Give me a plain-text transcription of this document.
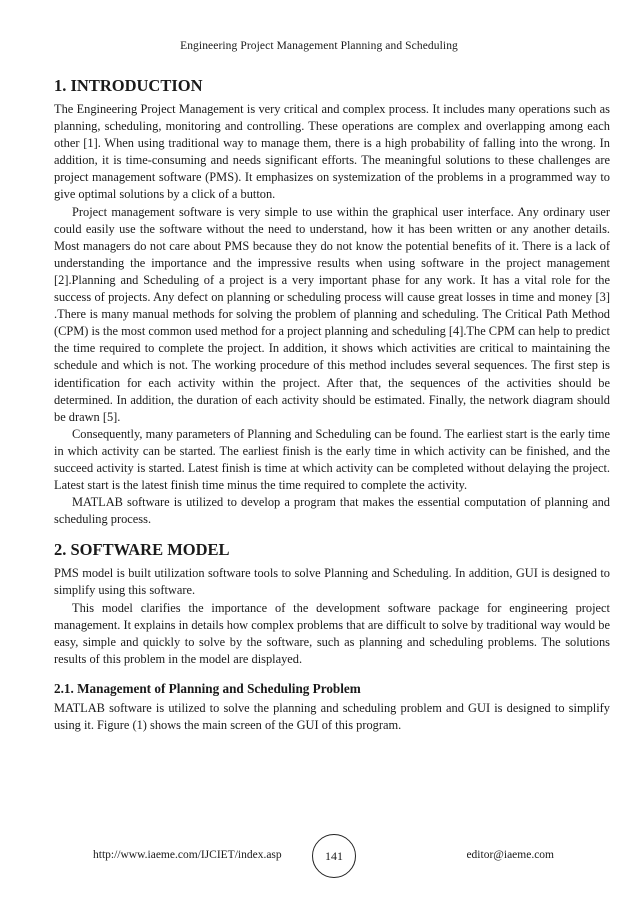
Engineering Project Management Planning and Scheduling
1. INTRODUCTION

The Engineering Project Management is very critical and complex process. It includes many operations such as planning, scheduling, monitoring and controlling. These operations are complex and overlapping among each other [1]. When using traditional way to manage them, there is a high probability of falling into the wrong. In addition, it is time-consuming and needs significant efforts. The meaningful solutions to these challenges are project management software (PMS). It emphasizes on systemization of the problems in a programmed way to give optimal solutions by a click of a button.

Project management software is very simple to use within the graphical user interface. Any ordinary user could easily use the software without the need to understand, how it has been written or any another details. Most managers do not care about PMS because they do not know the potential benefits of it. There is a lack of understanding the importance and the impressive results when using software in the project management [2].Planning and Scheduling of a project is a very important phase for any work. It has a vital role for the success of projects. Any defect on planning or scheduling process will cause great losses in time and money [3] .There is many manual methods for solving the problem of planning and scheduling. The Critical Path Method (CPM) is the most common used method for a project planning and scheduling [4].The CPM can help to predict the time required to complete the project. In addition, it shows which activities are critical to maintaining the schedule and which is not. The working procedure of this method includes several sequences. The first step is identification for each activity within the project. After that, the sequences of the activities should be determined. In addition, the duration of each activity should be estimated. Finally, the network diagram should be drawn [5].

Consequently, many parameters of Planning and Scheduling can be found. The earliest start is the early time in which activity can be started. The earliest finish is the early time in which activity can be finished, and the succeed activity is started. Latest finish is time at which activity can be completed without delaying the project. Latest start is the latest finish time minus the time required to complete the activity.

MATLAB software is utilized to develop a program that makes the essential computation of planning and scheduling process.

2. SOFTWARE MODEL

PMS model is built utilization software tools to solve Planning and Scheduling. In addition, GUI is designed to simplify using this software.

This model clarifies the importance of the development software package for engineering project management. It explains in details how complex problems that are difficult to solve by traditional way would be easy, simple and quickly to solve by the software, such as planning and scheduling problems. The solutions results of this problem in the model are displayed.

2.1. Management of Planning and Scheduling Problem

MATLAB software is utilized to solve the planning and scheduling problem and GUI is designed to simplify using it. Figure (1) shows the main screen of the GUI of this program.

http://www.iaeme.com/IJCIET/index.asp	141	editor@iaeme.com
